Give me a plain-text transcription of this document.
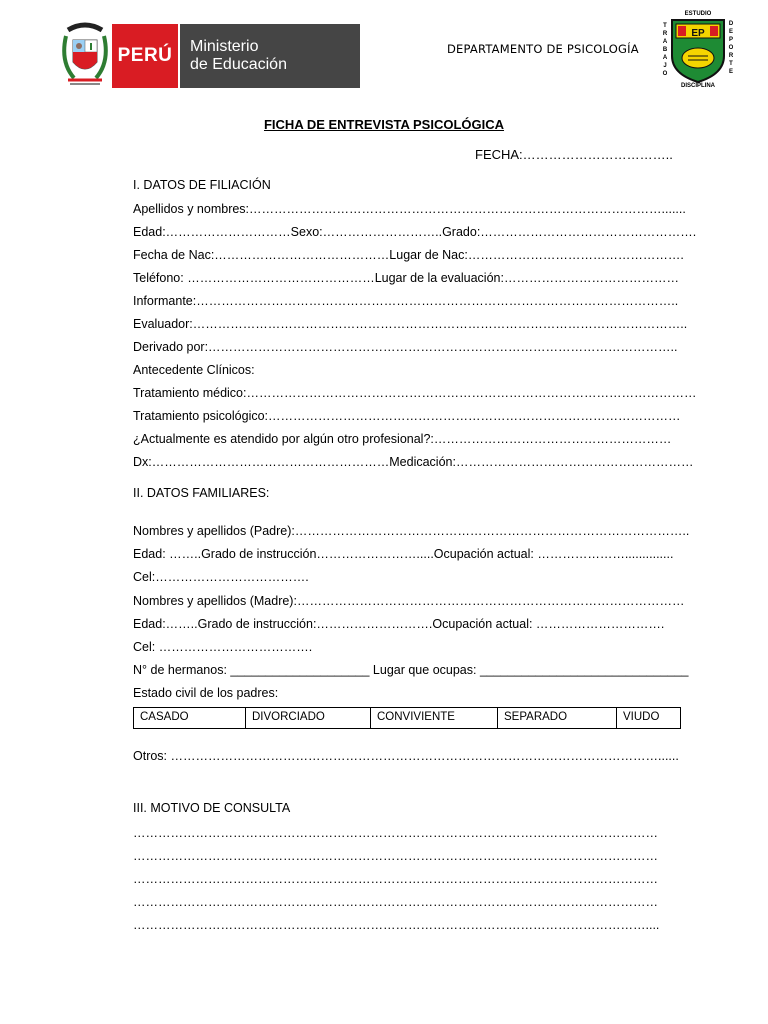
PERÚ	Ministerio
de Educación
DEPARTAMENTO DE PSICOLOGÍA
EP
ESTUDIO
DISCIPLINA
TRABAJO
DEPORTE
FICHA DE ENTREVISTA PSICOLÓGICA
FECHA:……………………………..
I. DATOS DE FILIACIÓN
Apellidos y nombres:……………………………………………………………………………………….......
Edad:…………………………Sexo:………………………..Grado:…………………………………………….
Fecha de Nac:……………………………………Lugar de Nac:…………………………………………….
Teléfono: ………………………………………Lugar de la evaluación:……………………………………
Informante:……………………………………………………………………………………………………..
Evaluador:………………………………………………………………………………………………………..
Derivado por:…………………………………………………………………………………………………..
Antecedente Clínicos:
Tratamiento médico:………………………………………………………………………………………………
Tratamiento psicológico:………………………………………………………………………………………
¿Actualmente es atendido por algún otro profesional?:…………………………………………………
Dx:…………………………………………………Medicación:…………………………………………………
II. DATOS FAMILIARES:
Nombres y apellidos (Padre):…………………………………………………………………………………..
Edad: ……..Grado de instrucción…………………….....Ocupación actual: …………………..............
Cel:……………………………….
Nombres y apellidos (Madre):…………………………………………………………………………………
Edad:……..Grado de instrucción:……………………….Ocupación actual: ………………………….
Cel: ……………………………….
N° de hermanos: ____________________ Lugar que ocupas: ______________________________
Estado civil de los padres:
CASADO	DIVORCIADO	CONVIVIENTE	SEPARADO	VIUDO
Otros: ………………………………………………………………………………………………………......
III. MOTIVO DE CONSULTA
………………………………………………………………………………………………………………
………………………………………………………………………………………………………………
………………………………………………………………………………………………………………
………………………………………………………………………………………………………………
……………………………………………………………………………………………………………....
